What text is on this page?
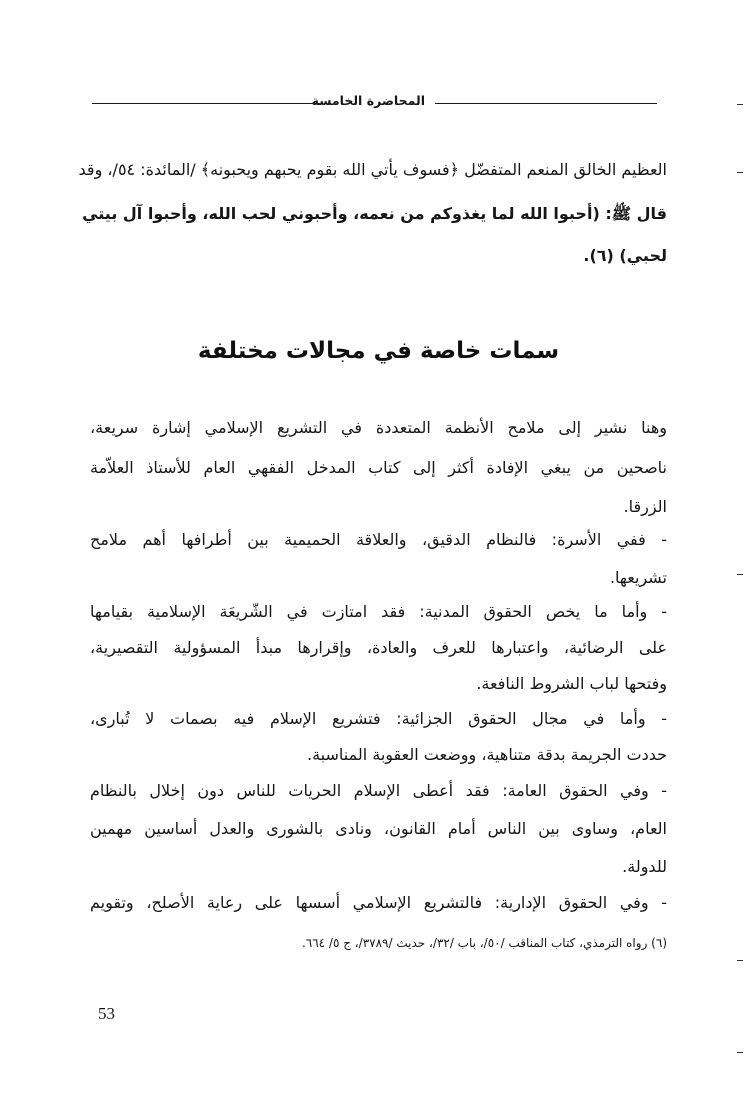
المحاضرة الخامسة
العظيم الخالق المنعم المتفضّل ﴿فسوف يأتي الله بقوم يحبهم ويحبونه﴾ /المائدة: ٥٤/، وقد
قال ﷺ: (أحبوا الله لما يغذوكم من نعمه، وأحبوني لحب الله، وأحبوا آل بيتي
لحبي) (٦).
سمات خاصة في مجالات مختلفة
وهنا نشير إلى ملامح الأنظمة المتعددة في التشريع الإسلامي إشارة سريعة،
ناصحين من يبغي الإفادة أكثر إلى كتاب المدخل الفقهي العام للأستاذ العلاّمة
الزرقا.
- ففي الأسرة: فالنظام الدقيق، والعلاقة الحميمية بين أطرافها أهم ملامح
تشريعها.
- وأما ما يخص الحقوق المدنية: فقد امتازت في الشّريعَة الإسلامية بقيامها
على الرضائية، واعتبارها للعرف والعادة، وإقرارها مبدأ المسؤولية التقصيرية،
وفتحها لباب الشروط النافعة.
- وأما في مجال الحقوق الجزائية: فتشريع الإسلام فيه بصمات لا تُبارى،
حددت الجريمة بدقة متناهية، ووضعت العقوبة المناسبة.
- وفي الحقوق العامة: فقد أعطى الإسلام الحريات للناس دون إخلال بالنظام
العام، وساوى بين الناس أمام القانون، ونادى بالشورى والعدل أساسين مهمين
للدولة.
- وفي الحقوق الإدارية: فالتشريع الإسلامي أسسها على رعاية الأصلح، وتقويم
(٦) رواه الترمذي، كتاب المناقب /٥٠/، باب /٣٢/، حديث /٣٧٨٩/، ج ٥/ ٦٦٤.
53
